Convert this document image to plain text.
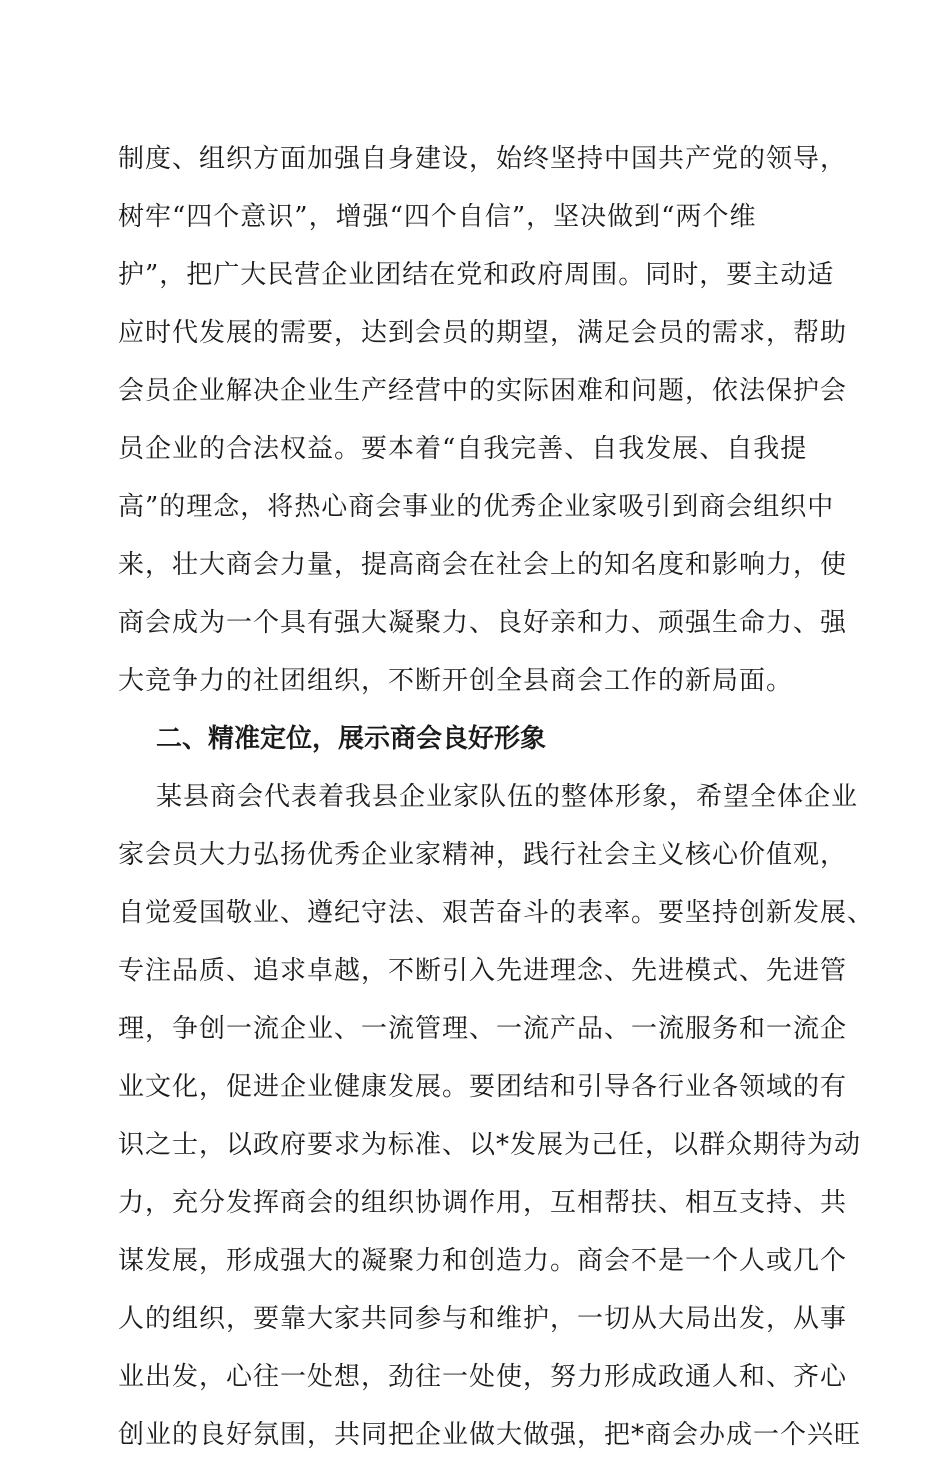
制度、组织方面加强自身建设，始终坚持中国共产党的领导，
树牢“四个意识”，增强“四个自信”，坚决做到“两个维
护”，把广大民营企业团结在党和政府周围。同时，要主动适
应时代发展的需要，达到会员的期望，满足会员的需求，帮助
会员企业解决企业生产经营中的实际困难和问题，依法保护会
员企业的合法权益。要本着“自我完善、自我发展、自我提
高”的理念，将热心商会事业的优秀企业家吸引到商会组织中
来，壮大商会力量，提高商会在社会上的知名度和影响力，使
商会成为一个具有强大凝聚力、良好亲和力、顽强生命力、强
大竞争力的社团组织，不断开创全县商会工作的新局面。
二、精准定位，展示商会良好形象
某县商会代表着我县企业家队伍的整体形象，希望全体企业
家会员大力弘扬优秀企业家精神，践行社会主义核心价值观，
自觉爱国敬业、遵纪守法、艰苦奋斗的表率。要坚持创新发展、
专注品质、追求卓越，不断引入先进理念、先进模式、先进管
理，争创一流企业、一流管理、一流产品、一流服务和一流企
业文化，促进企业健康发展。要团结和引导各行业各领域的有
识之士，以政府要求为标准、以*发展为己任，以群众期待为动
力，充分发挥商会的组织协调作用，互相帮扶、相互支持、共
谋发展，形成强大的凝聚力和创造力。商会不是一个人或几个
人的组织，要靠大家共同参与和维护，一切从大局出发，从事
业出发，心往一处想，劲往一处使，努力形成政通人和、齐心
创业的良好氛围，共同把企业做大做强，把*商会办成一个兴旺
